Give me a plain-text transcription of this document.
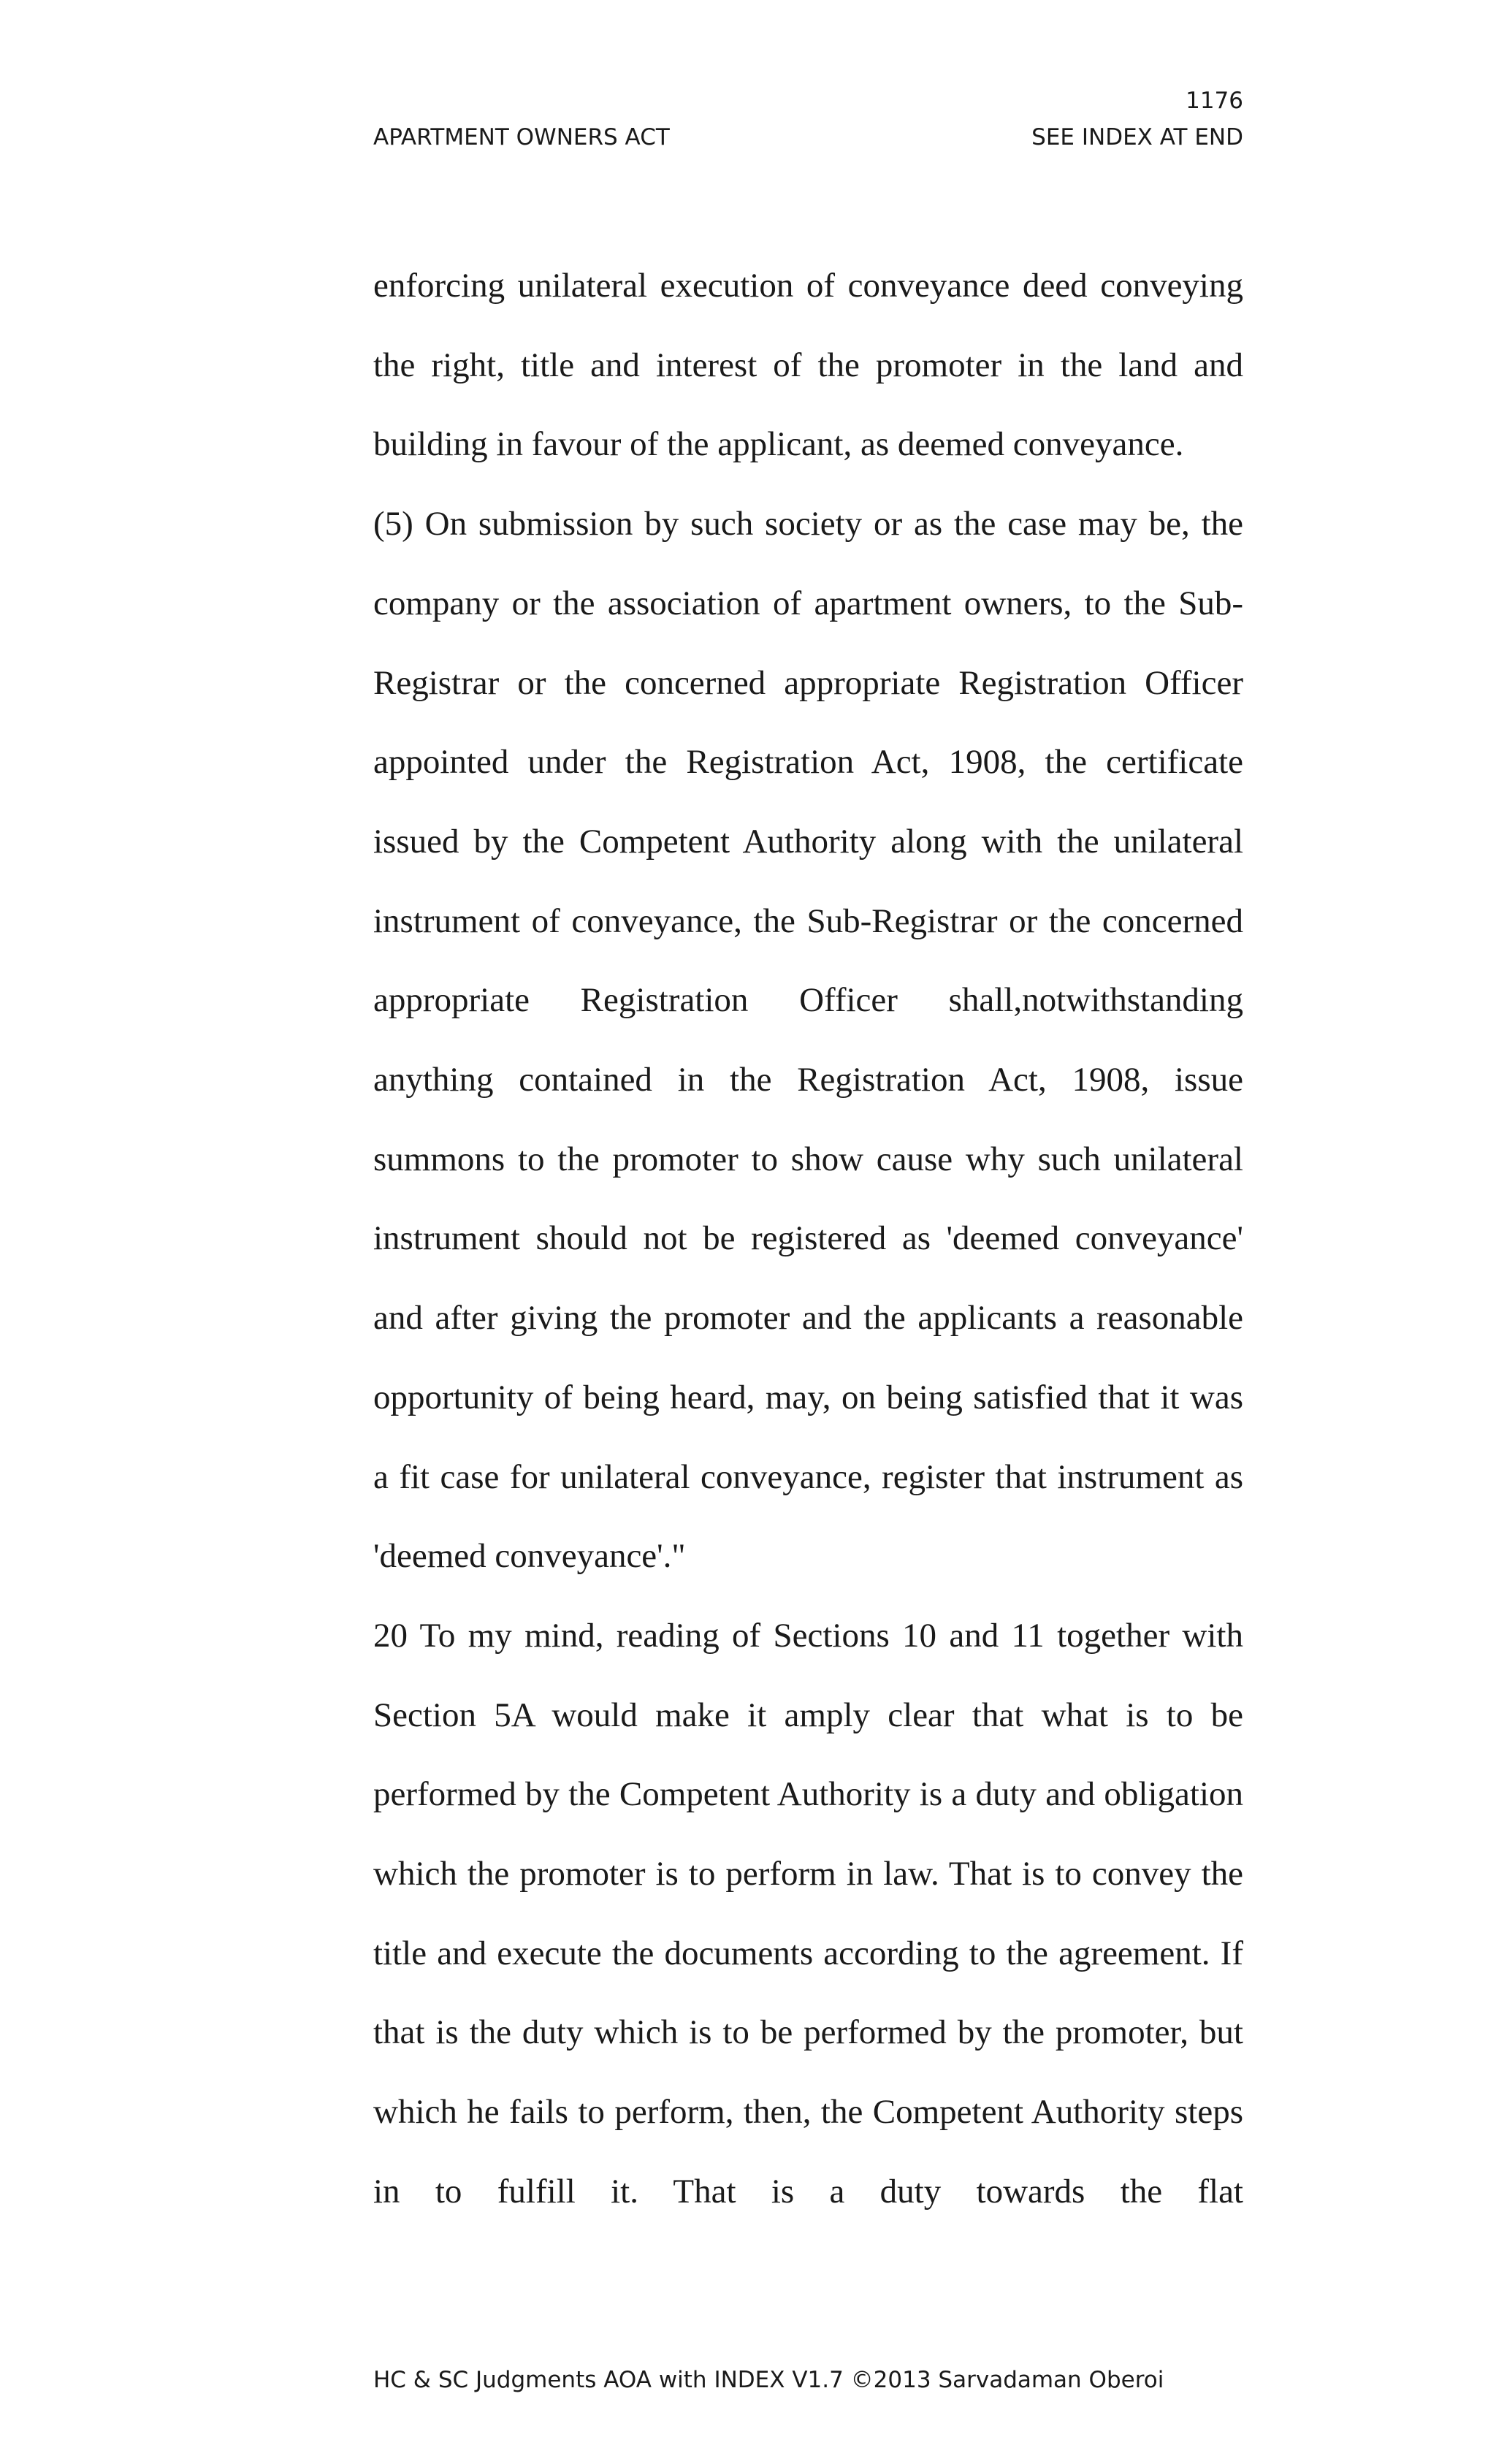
1176
APARTMENT OWNERS ACT	SEE INDEX AT END

enforcing unilateral execution of conveyance deed conveying the right, title and interest of the promoter in the land and building in favour of the applicant, as deemed conveyance.

(5) On submission by such society or as the case may be, the company or the association of apartment owners, to the Sub-Registrar or the concerned appropriate Registration Officer appointed under the Registration Act, 1908, the certificate issued by the Competent Authority along with the unilateral instrument of conveyance, the Sub-Registrar or the concerned appropriate Registration Officer shall,notwithstanding anything contained in the Registration Act, 1908, issue summons to the promoter to show cause why such unilateral instrument should not be registered as 'deemed conveyance' and after giving the promoter and the applicants a reasonable opportunity of being heard, may, on being satisfied that it was a fit case for unilateral conveyance, register that instrument as 'deemed conveyance'."

20 To my mind, reading of Sections 10 and 11 together with Section 5A would make it amply clear that what is to be performed by the Competent Authority is a duty and obligation which the promoter is to perform in law. That is to convey the title and execute the documents according to the agreement. If that is the duty which is to be performed by the promoter, but which he fails to perform, then, the Competent Authority steps in to fulfill it. That is a duty towards the flat

HC & SC Judgments AOA with INDEX V1.7 ©2013 Sarvadaman Oberoi
